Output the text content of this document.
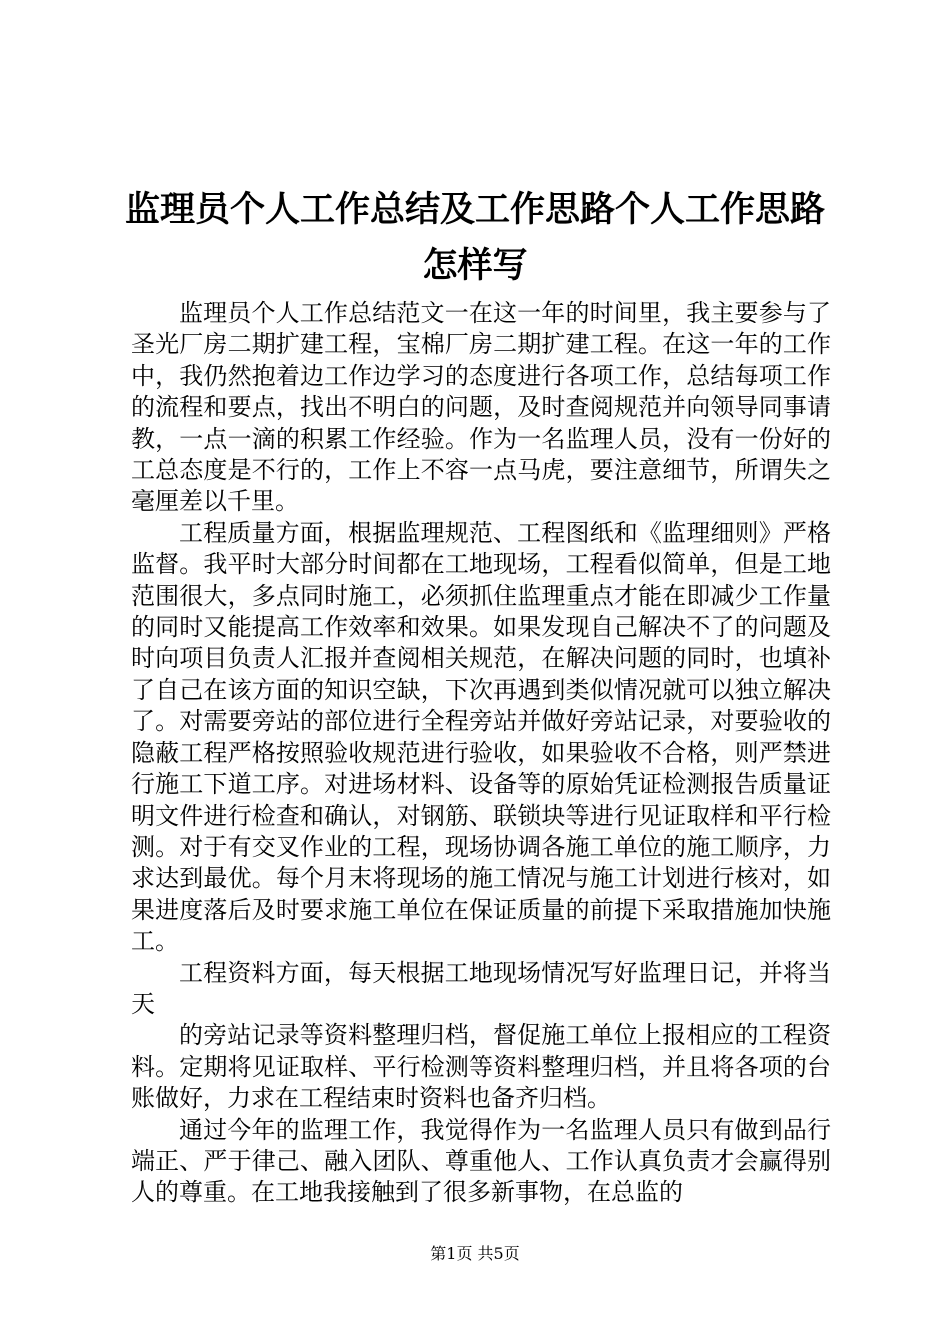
监理员个人工作总结及工作思路个人工作思路怎样写

监理员个人工作总结范文一在这一年的时间里，我主要参与了圣光厂房二期扩建工程，宝棉厂房二期扩建工程。在这一年的工作中，我仍然抱着边工作边学习的态度进行各项工作，总结每项工作的流程和要点，找出不明白的问题，及时查阅规范并向领导同事请教，一点一滴的积累工作经验。作为一名监理人员，没有一份好的工总态度是不行的，工作上不容一点马虎，要注意细节，所谓失之毫厘差以千里。

工程质量方面，根据监理规范、工程图纸和《监理细则》严格监督。我平时大部分时间都在工地现场，工程看似简单，但是工地范围很大，多点同时施工，必须抓住监理重点才能在即减少工作量的同时又能提高工作效率和效果。如果发现自己解决不了的问题及时向项目负责人汇报并查阅相关规范，在解决问题的同时，也填补了自己在该方面的知识空缺，下次再遇到类似情况就可以独立解决了。对需要旁站的部位进行全程旁站并做好旁站记录，对要验收的隐蔽工程严格按照验收规范进行验收，如果验收不合格，则严禁进行施工下道工序。对进场材料、设备等的原始凭证检测报告质量证明文件进行检查和确认，对钢筋、联锁块等进行见证取样和平行检测。对于有交叉作业的工程，现场协调各施工单位的施工顺序，力求达到最优。每个月末将现场的施工情况与施工计划进行核对，如果进度落后及时要求施工单位在保证质量的前提下采取措施加快施工。

工程资料方面，每天根据工地现场情况写好监理日记，并将当天

的旁站记录等资料整理归档，督促施工单位上报相应的工程资料。定期将见证取样、平行检测等资料整理归档，并且将各项的台账做好，力求在工程结束时资料也备齐归档。

通过今年的监理工作，我觉得作为一名监理人员只有做到品行端正、严于律己、融入团队、尊重他人、工作认真负责才会赢得别人的尊重。在工地我接触到了很多新事物，在总监的

第1页 共5页
